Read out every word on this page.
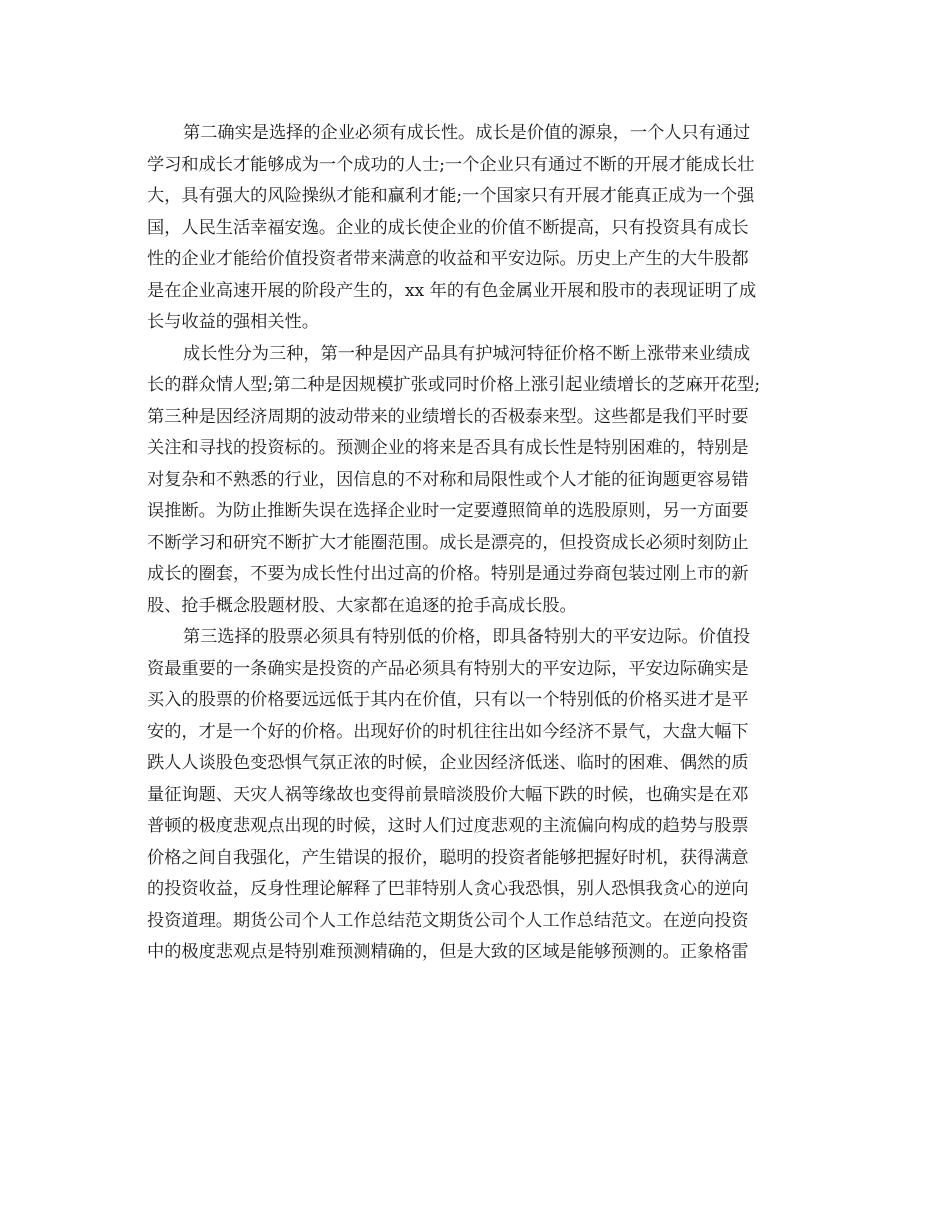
第二确实是选择的企业必须有成长性。成长是价值的源泉，一个人只有通过
学习和成长才能够成为一个成功的人士;一个企业只有通过不断的开展才能成长壮
大，具有强大的风险操纵才能和赢利才能;一个国家只有开展才能真正成为一个强
国，人民生活幸福安逸。企业的成长使企业的价值不断提高，只有投资具有成长
性的企业才能给价值投资者带来满意的收益和平安边际。历史上产生的大牛股都
是在企业高速开展的阶段产生的，xx 年的有色金属业开展和股市的表现证明了成
长与收益的强相关性。
成长性分为三种，第一种是因产品具有护城河特征价格不断上涨带来业绩成
长的群众情人型;第二种是因规模扩张或同时价格上涨引起业绩增长的芝麻开花型;
第三种是因经济周期的波动带来的业绩增长的否极泰来型。这些都是我们平时要
关注和寻找的投资标的。预测企业的将来是否具有成长性是特别困难的，特别是
对复杂和不熟悉的行业，因信息的不对称和局限性或个人才能的征询题更容易错
误推断。为防止推断失误在选择企业时一定要遵照简单的选股原则，另一方面要
不断学习和研究不断扩大才能圈范围。成长是漂亮的，但投资成长必须时刻防止
成长的圈套，不要为成长性付出过高的价格。特别是通过券商包装过刚上市的新
股、抢手概念股题材股、大家都在追逐的抢手高成长股。
第三选择的股票必须具有特别低的价格，即具备特别大的平安边际。价值投
资最重要的一条确实是投资的产品必须具有特别大的平安边际，平安边际确实是
买入的股票的价格要远远低于其内在价值，只有以一个特别低的价格买进才是平
安的，才是一个好的价格。出现好价的时机往往出如今经济不景气，大盘大幅下
跌人人谈股色变恐惧气氛正浓的时候，企业因经济低迷、临时的困难、偶然的质
量征询题、天灾人祸等缘故也变得前景暗淡股价大幅下跌的时候，也确实是在邓
普顿的极度悲观点出现的时候，这时人们过度悲观的主流偏向构成的趋势与股票
价格之间自我强化，产生错误的报价，聪明的投资者能够把握好时机，获得满意
的投资收益，反身性理论解释了巴菲特别人贪心我恐惧，别人恐惧我贪心的逆向
投资道理。期货公司个人工作总结范文期货公司个人工作总结范文。在逆向投资
中的极度悲观点是特别难预测精确的，但是大致的区域是能够预测的。正象格雷
